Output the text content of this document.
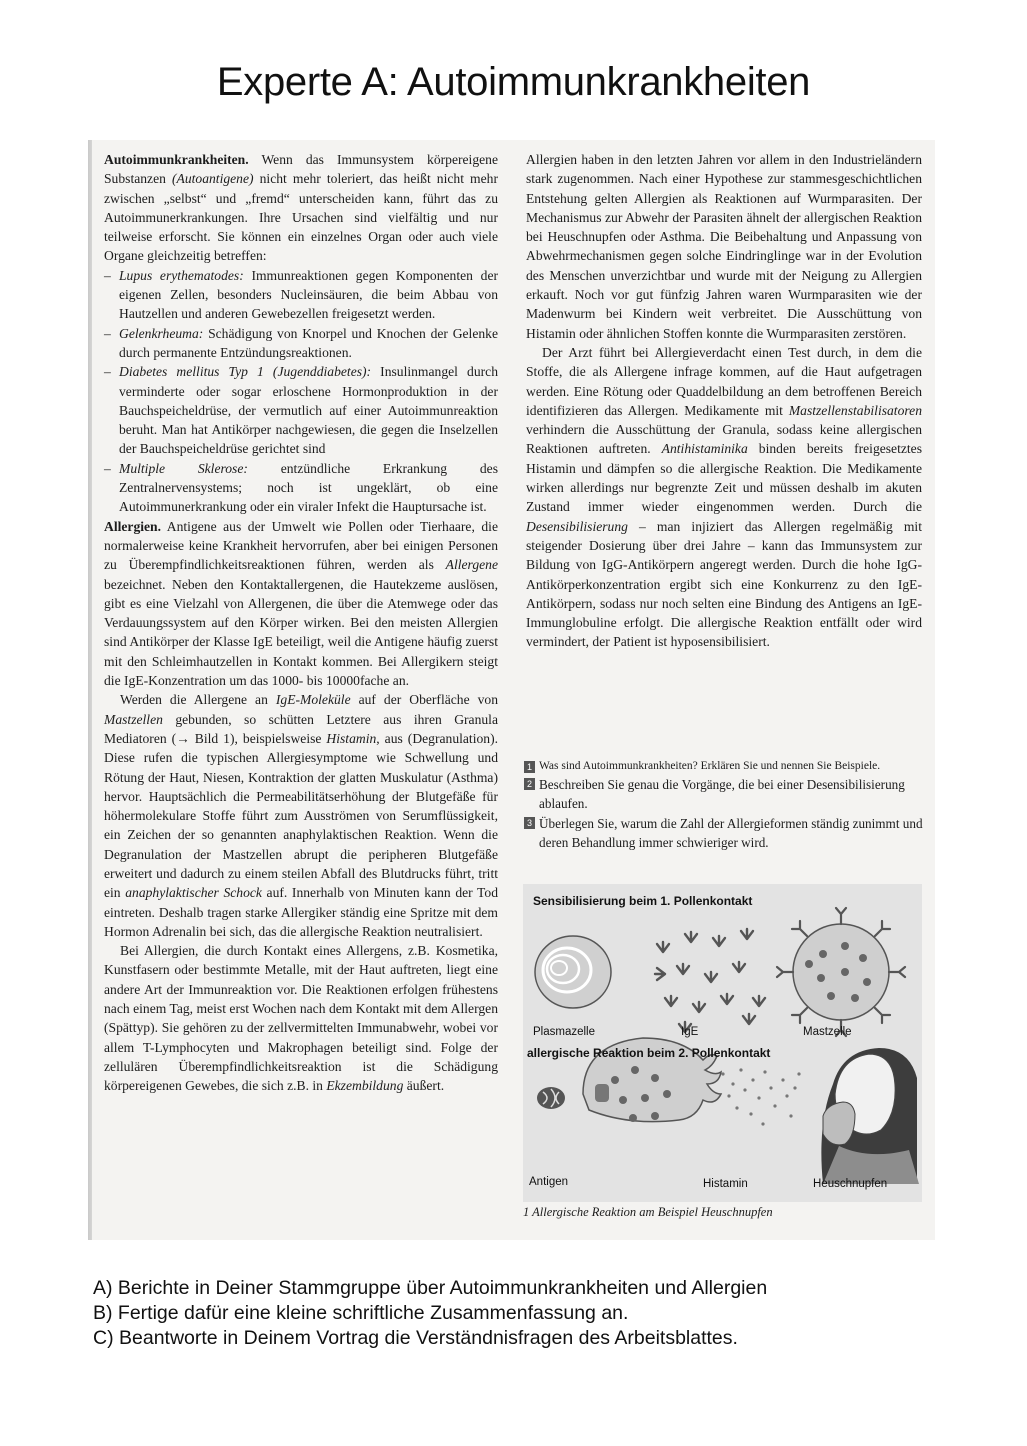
Experte A: Autoimmunkrankheiten

Autoimmunkrankheiten. Wenn das Immunsystem körpereigene Substanzen (Autoantigene) nicht mehr toleriert, das heißt nicht mehr zwischen „selbst“ und „fremd“ unterscheiden kann, führt das zu Autoimmunerkrankungen. Ihre Ursachen sind vielfältig und nur teilweise erforscht. Sie können ein einzelnes Organ oder auch viele Organe gleichzeitig betreffen:

– Lupus erythematodes: Immunreaktionen gegen Komponenten der eigenen Zellen, besonders Nucleinsäuren, die beim Abbau von Hautzellen und anderen Gewebezellen freigesetzt werden.
– Gelenkrheuma: Schädigung von Knorpel und Knochen der Gelenke durch permanente Entzündungsreaktionen.
– Diabetes mellitus Typ 1 (Jugenddiabetes): Insulinmangel durch verminderte oder sogar erloschene Hormonproduktion in der Bauchspeicheldrüse, der vermutlich auf einer Autoimmunreaktion beruht. Man hat Antikörper nachgewiesen, die gegen die Inselzellen der Bauchspeicheldrüse gerichtet sind
– Multiple Sklerose: entzündliche Erkrankung des Zentralnervensystems; noch ist ungeklärt, ob eine Autoimmunerkrankung oder ein viraler Infekt die Hauptursache ist.

Allergien. Antigene aus der Umwelt wie Pollen oder Tierhaare, die normalerweise keine Krankheit hervorrufen, aber bei einigen Personen zu Überempfindlichkeitsreaktionen führen, werden als Allergene bezeichnet. Neben den Kontaktallergenen, die Hautekzeme auslösen, gibt es eine Vielzahl von Allergenen, die über die Atemwege oder das Verdauungssystem auf den Körper wirken. Bei den meisten Allergien sind Antikörper der Klasse IgE beteiligt, weil die Antigene häufig zuerst mit den Schleimhautzellen in Kontakt kommen. Bei Allergikern steigt die IgE-Konzentration um das 1000- bis 10000fache an.

Werden die Allergene an IgE-Moleküle auf der Oberfläche von Mastzellen gebunden, so schütten Letztere aus ihren Granula Mediatoren (→ Bild 1), beispielsweise Histamin, aus (Degranulation). Diese rufen die typischen Allergiesymptome wie Schwellung und Rötung der Haut, Niesen, Kontraktion der glatten Muskulatur (Asthma) hervor. Hauptsächlich die Permeabilitätserhöhung der Blutgefäße für höhermolekulare Stoffe führt zum Ausströmen von Serumflüssigkeit, ein Zeichen der so genannten anaphylaktischen Reaktion. Wenn die Degranulation der Mastzellen abrupt die peripheren Blutgefäße erweitert und dadurch zu einem steilen Abfall des Blutdrucks führt, tritt ein anaphylaktischer Schock auf. Innerhalb von Minuten kann der Tod eintreten. Deshalb tragen starke Allergiker ständig eine Spritze mit dem Hormon Adrenalin bei sich, das die allergische Reaktion neutralisiert.

Bei Allergien, die durch Kontakt eines Allergens, z.B. Kosmetika, Kunstfasern oder bestimmte Metalle, mit der Haut auftreten, liegt eine andere Art der Immunreaktion vor. Die Reaktionen erfolgen frühestens nach einem Tag, meist erst Wochen nach dem Kontakt mit dem Allergen (Spättyp). Sie gehören zu der zellvermittelten Immunabwehr, wobei vor allem T-Lymphocyten und Makrophagen beteiligt sind. Folge der zellulären Überempfindlichkeitsreaktion ist die Schädigung körpereigenen Gewebes, die sich z.B. in Ekzembildung äußert.

Allergien haben in den letzten Jahren vor allem in den Industrieländern stark zugenommen. Nach einer Hypothese zur stammesgeschichtlichen Entstehung gelten Allergien als Reaktionen auf Wurmparasiten. Der Mechanismus zur Abwehr der Parasiten ähnelt der allergischen Reaktion bei Heuschnupfen oder Asthma. Die Beibehaltung und Anpassung von Abwehrmechanismen gegen solche Eindringlinge war in der Evolution des Menschen unverzichtbar und wurde mit der Neigung zu Allergien erkauft. Noch vor gut fünfzig Jahren waren Wurmparasiten wie der Madenwurm bei Kindern weit verbreitet. Die Ausschüttung von Histamin oder ähnlichen Stoffen konnte die Wurmparasiten zerstören.

Der Arzt führt bei Allergieverdacht einen Test durch, in dem die Stoffe, die als Allergene infrage kommen, auf die Haut aufgetragen werden. Eine Rötung oder Quaddelbildung an dem betroffenen Bereich identifizieren das Allergen. Medikamente mit Mastzellenstabilisatoren verhindern die Ausschüttung der Granula, sodass keine allergischen Reaktionen auftreten. Antihistaminika binden bereits freigesetztes Histamin und dämpfen so die allergische Reaktion. Die Medikamente wirken allerdings nur begrenzte Zeit und müssen deshalb im akuten Zustand immer wieder eingenommen werden. Durch die Desensibilisierung – man injiziert das Allergen regelmäßig mit steigender Dosierung über drei Jahre – kann das Immunsystem zur Bildung von IgG-Antikörpern angeregt werden. Durch die hohe IgG-Antikörperkonzentration ergibt sich eine Konkurrenz zu den IgE-Antikörpern, sodass nur noch selten eine Bindung des Antigens an IgE-Immunglobuline erfolgt. Die allergische Reaktion entfällt oder wird vermindert, der Patient ist hyposensibilisiert.

1 Was sind Autoimmunkrankheiten? Erklären Sie und nennen Sie Beispiele.
2 Beschreiben Sie genau die Vorgänge, die bei einer Desensibilisierung ablaufen.
3 Überlegen Sie, warum die Zahl der Allergieformen ständig zunimmt und deren Behandlung immer schwieriger wird.
Sensibilisierung beim 1. Pollenkontakt
Plasmazelle	IgE	Mastzelle
allergische Reaktion beim 2. Pollenkontakt
Antigen	Histamin	Heuschnupfen
1 Allergische Reaktion am Beispiel Heuschnupfen
A) Berichte in Deiner Stammgruppe über Autoimmunkrankheiten und Allergien
B) Fertige dafür eine kleine schriftliche Zusammenfassung an.
C) Beantworte in Deinem Vortrag die Verständnisfragen des Arbeitsblattes.
